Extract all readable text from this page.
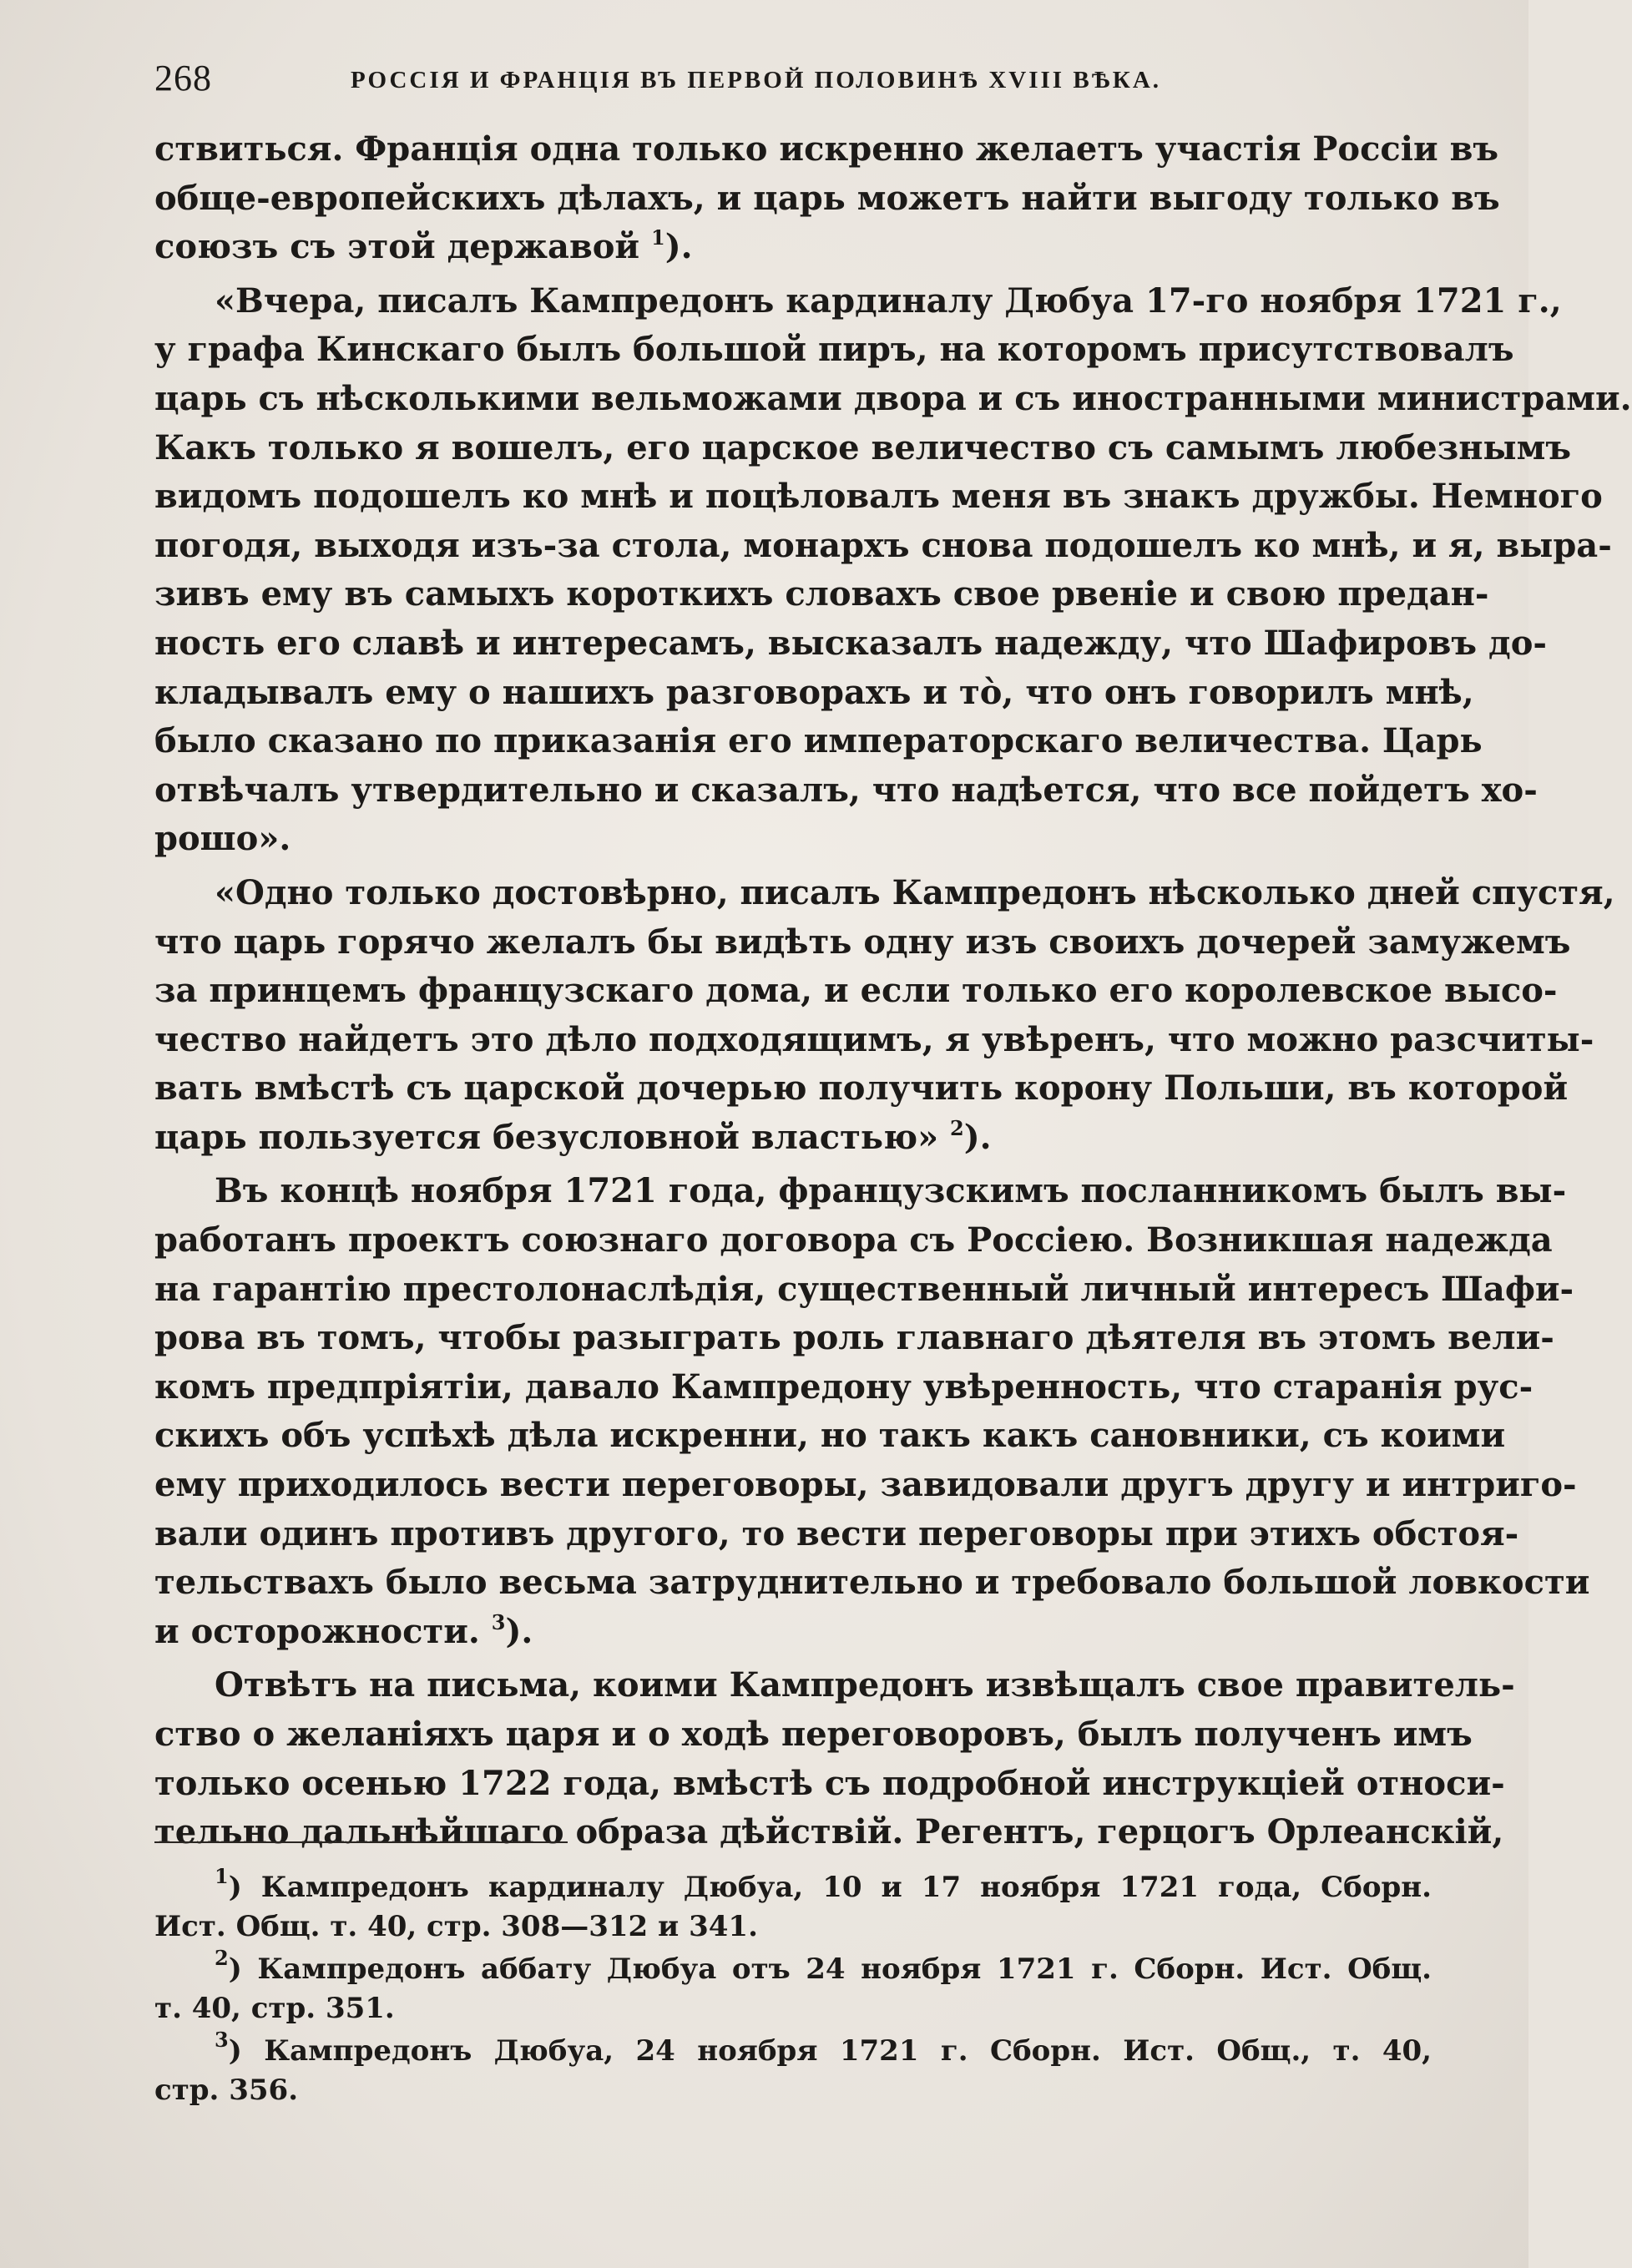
268	РОССІЯ И ФРАНЦІЯ ВЪ ПЕРВОЙ ПОЛОВИНѢ XVIII ВѢКА.
ствиться. Франція одна только искренно желаетъ участія Россіи въ
обще-европейскихъ дѣлахъ, и царь можетъ найти выгоду только въ
союзъ съ этой державой $^1$).
«Вчера, писалъ Кампредонъ кардиналу Дюбуа 17-го ноября 1721 г.,
у графа Кинскаго былъ большой пиръ, на которомъ присутствовалъ
царь съ нѣсколькими вельможами двора и съ иностранными министрами.
Какъ только я вошелъ, его царское величество съ самымъ любезнымъ
видомъ подошелъ ко мнѣ и поцѣловалъ меня въ знакъ дружбы. Немного
погодя, выходя изъ-за стола, монархъ снова подошелъ ко мнѣ, и я, выра-
зивъ ему въ самыхъ короткихъ словахъ свое рвеніе и свою предан-
ность его славѣ и интересамъ, высказалъ надежду, что Шафировъ до-
кладывалъ ему о нашихъ разговорахъ и то̀, что онъ говорилъ мнѣ,
было сказано по приказанія его императорскаго величества. Царь
отвѣчалъ утвердительно и сказалъ, что надѣется, что все пойдетъ хо-
рошо».
«Одно только достовѣрно, писалъ Кампредонъ нѣсколько дней спустя,
что царь горячо желалъ бы видѣть одну изъ своихъ дочерей замужемъ
за принцемъ французскаго дома, и если только его королевское высо-
чество найдетъ это дѣло подходящимъ, я увѣренъ, что можно разсчиты-
вать вмѣстѣ съ царской дочерью получить корону Польши, въ которой
царь пользуется безусловной властью» $^2$).
Въ концѣ ноября 1721 года, французскимъ посланникомъ былъ вы-
работанъ проектъ союзнаго договора съ Россіею. Возникшая надежда
на гарантію престолонаслѣдія, существенный личный интересъ Шафи-
рова въ томъ, чтобы разыграть роль главнаго дѣятеля въ этомъ вели-
комъ предпріятіи, давало Кампредону увѣренность, что старанія рус-
скихъ объ успѣхѣ дѣла искренни, но такъ какъ сановники, съ коими
ему приходилось вести переговоры, завидовали другъ другу и интриго-
вали одинъ противъ другого, то вести переговоры при этихъ обстоя-
тельствахъ было весьма затруднительно и требовало большой ловкости
и осторожности. $^3$).
Отвѣтъ на письма, коими Кампредонъ извѣщалъ свое правитель-
ство о желаніяхъ царя и о ходѣ переговоровъ, былъ полученъ имъ
только осенью 1722 года, вмѣстѣ съ подробной инструкціей относи-
тельно дальнѣйшаго образа дѣйствій. Регентъ, герцогъ Орлеанскій,
$^1$) Кампредонъ кардиналу Дюбуа, 10 и 17 ноября 1721 года, Сборн.
Ист. Общ. т. 40, стр. 308—312 и 341.
$^2$) Кампредонъ аббату Дюбуа отъ 24 ноября 1721 г. Сборн. Ист. Общ.
т. 40, стр. 351.
$^3$) Кампредонъ Дюбуа, 24 ноября 1721 г. Сборн. Ист. Общ., т. 40,
стр. 356.
